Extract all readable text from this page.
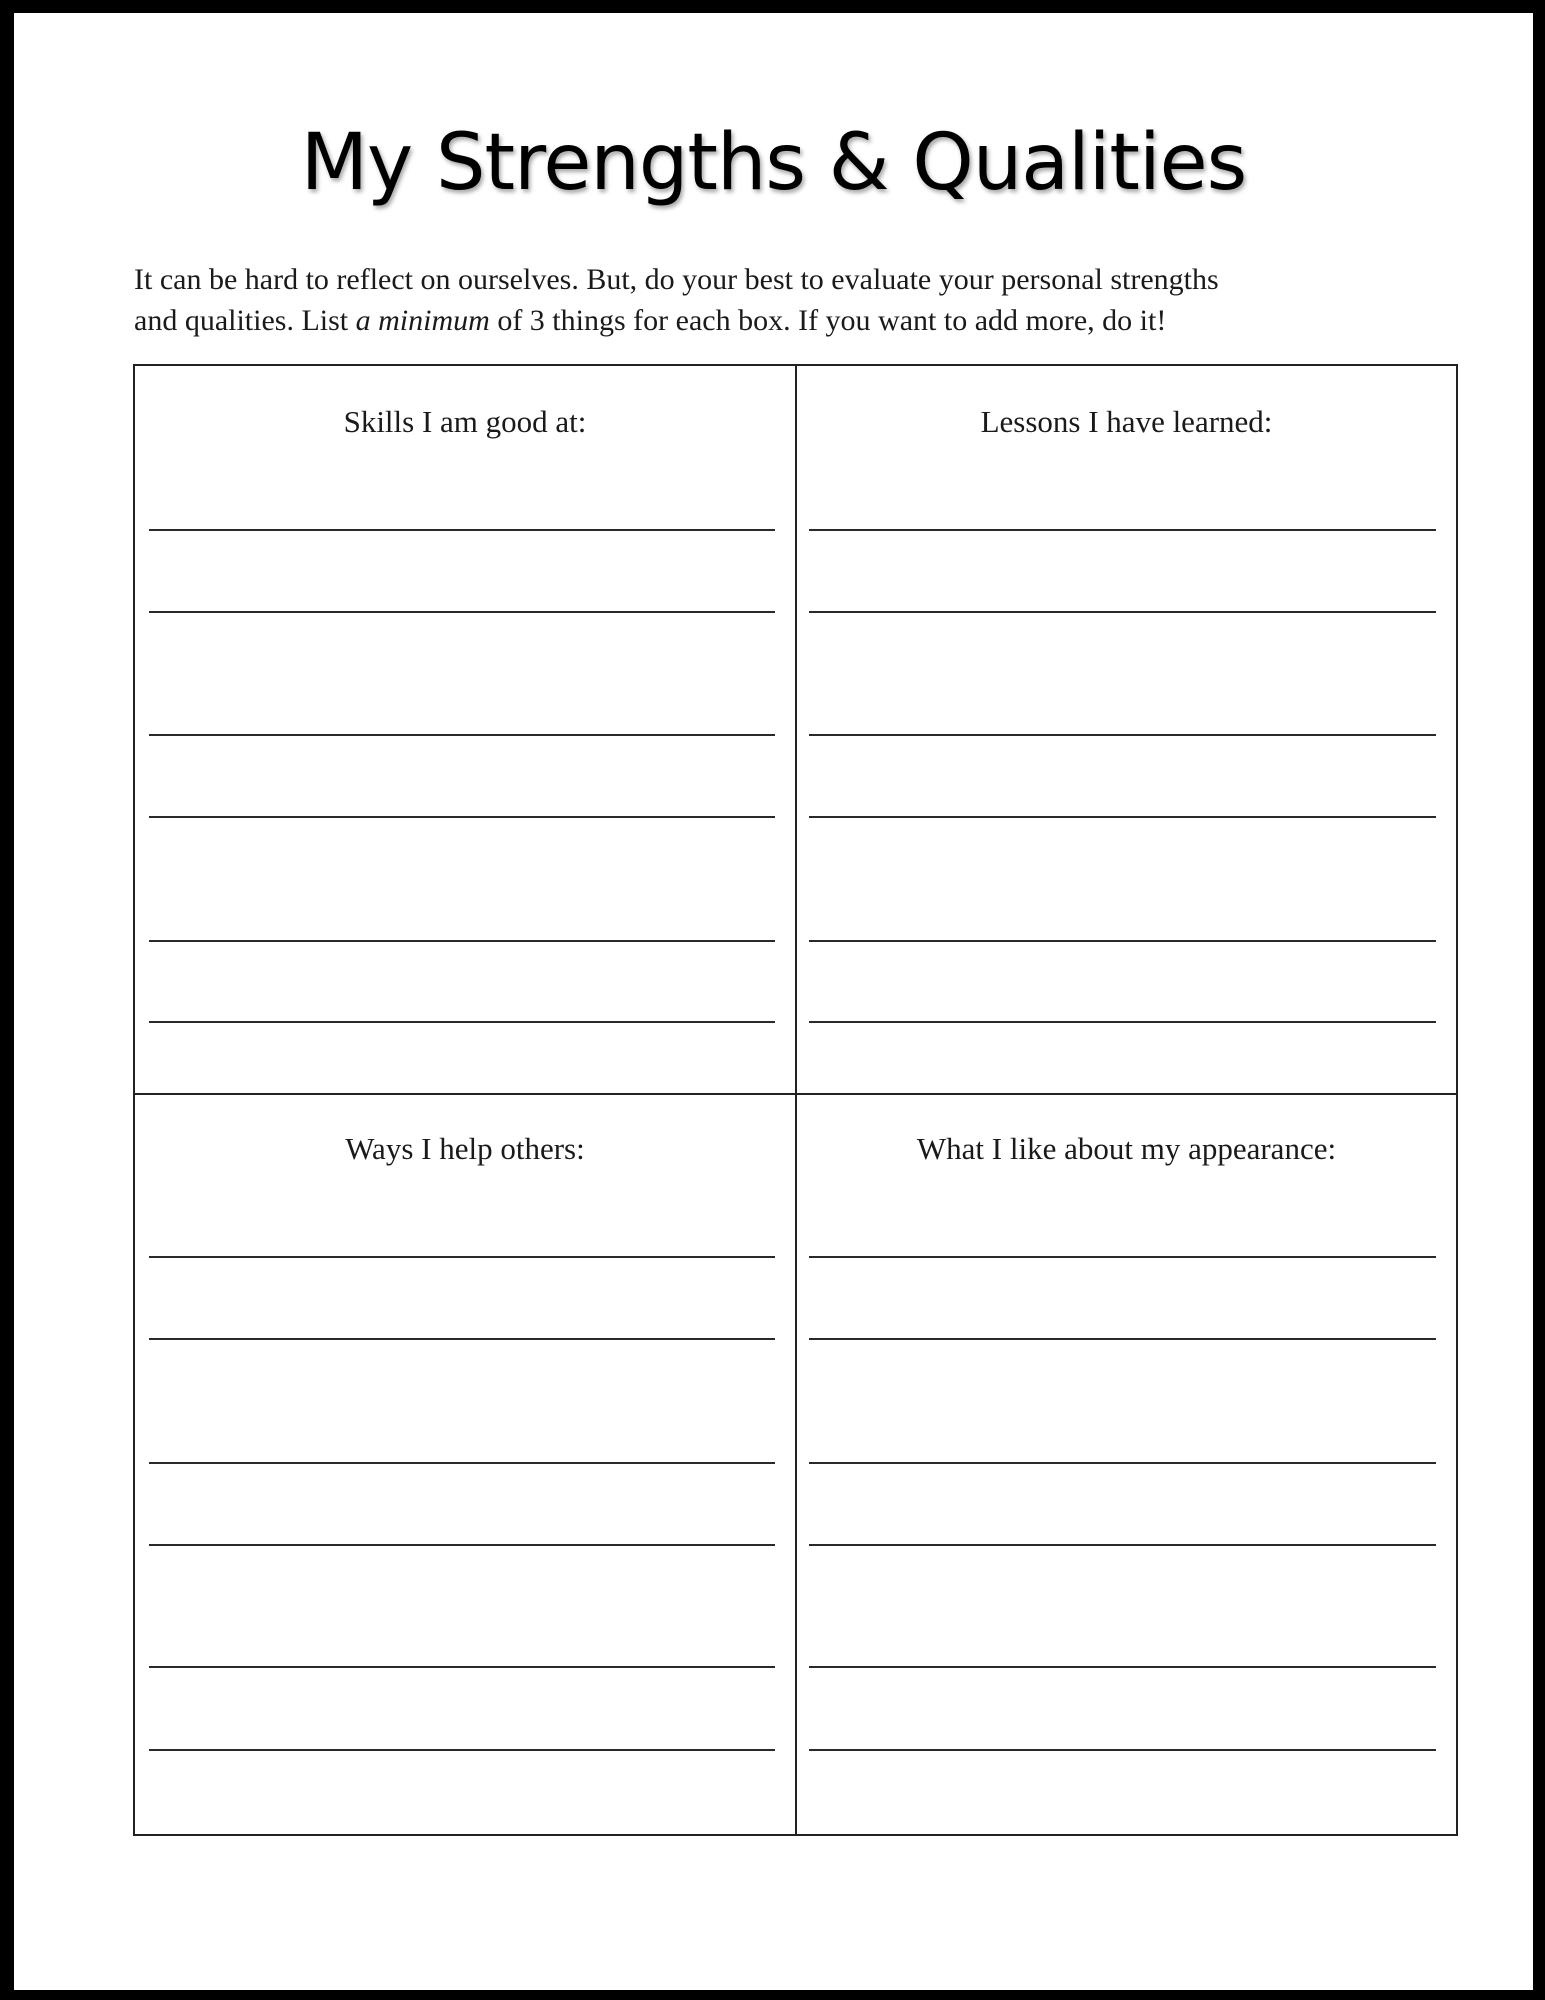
My Strengths & Qualities
It can be hard to reflect on ourselves. But, do your best to evaluate your personal strengths
and qualities. List a minimum of 3 things for each box. If you want to add more, do it!
Skills I am good at:	Lessons I have learned:
Ways I help others:	What I like about my appearance:
